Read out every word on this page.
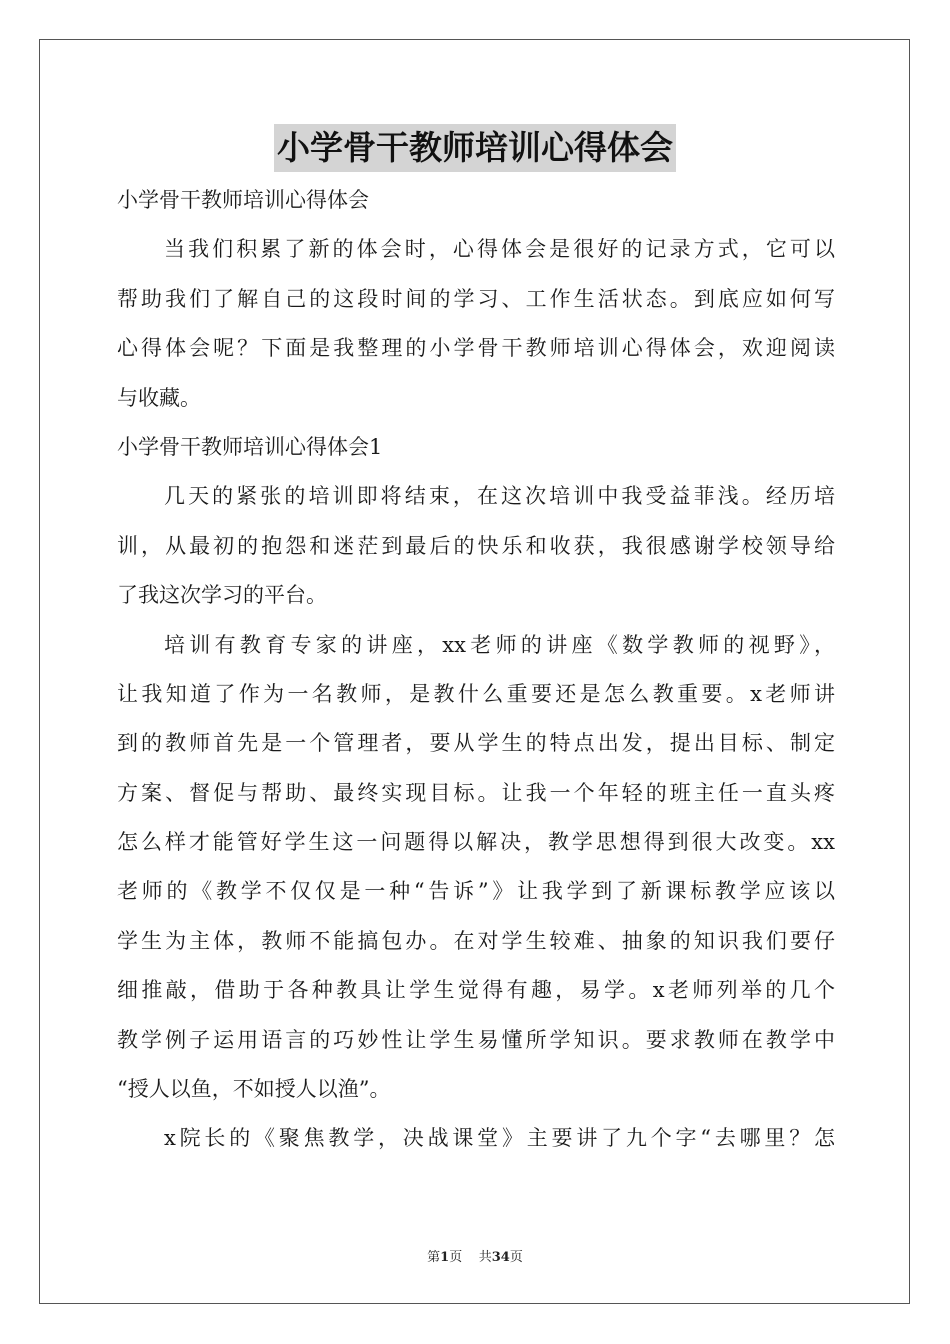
小学骨干教师培训心得体会
小学骨干教师培训心得体会
当我们积累了新的体会时，心得体会是很好的记录方式，它可以
帮助我们了解自己的这段时间的学习、工作生活状态。到底应如何写
心得体会呢？下面是我整理的小学骨干教师培训心得体会，欢迎阅读
与收藏。
小学骨干教师培训心得体会1
几天的紧张的培训即将结束，在这次培训中我受益菲浅。经历培
训，从最初的抱怨和迷茫到最后的快乐和收获，我很感谢学校领导给
了我这次学习的平台。
培训有教育专家的讲座，xx老师的讲座《数学教师的视野》，
让我知道了作为一名教师，是教什么重要还是怎么教重要。x老师讲
到的教师首先是一个管理者，要从学生的特点出发，提出目标、制定
方案、督促与帮助、最终实现目标。让我一个年轻的班主任一直头疼
怎么样才能管好学生这一问题得以解决，教学思想得到很大改变。xx
老师的《教学不仅仅是一种“告诉”》让我学到了新课标教学应该以
学生为主体，教师不能搞包办。在对学生较难、抽象的知识我们要仔
细推敲，借助于各种教具让学生觉得有趣，易学。x老师列举的几个
教学例子运用语言的巧妙性让学生易懂所学知识。要求教师在教学中
“授人以鱼，不如授人以渔”。
x院长的《聚焦教学，决战课堂》主要讲了九个字“去哪里？怎
第1页 共34页
